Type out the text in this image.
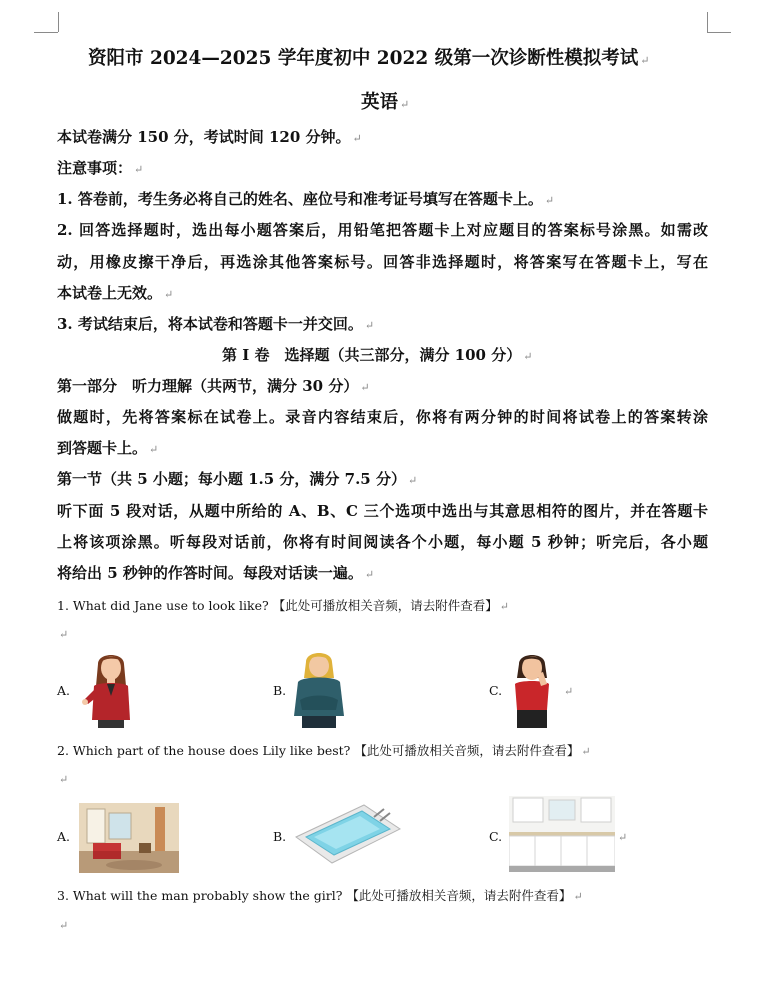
资阳市 2024—2025 学年度初中 2022 级第一次诊断性模拟考试 ↵
英语 ↵
本试卷满分 150 分，考试时间 120 分钟。 ↵
注意事项： ↵
1. 答卷前，考生务必将自己的姓名、座位号和准考证号填写在答题卡上。 ↵
2. 回答选择题时，选出每小题答案后，用铅笔把答题卡上对应题目的答案标号涂黑。如需改
动，用橡皮擦干净后，再选涂其他答案标号。回答非选择题时，将答案写在答题卡上，写在
本试卷上无效。 ↵
3. 考试结束后，将本试卷和答题卡一并交回。 ↵
第 I 卷　选择题（共三部分，满分 100 分） ↵
第一部分　听力理解（共两节，满分 30 分） ↵
做题时，先将答案标在试卷上。录音内容结束后，你将有两分钟的时间将试卷上的答案转涂
到答题卡上。 ↵
第一节（共 5 小题；每小题 1.5 分，满分 7.5 分） ↵
听下面 5 段对话，从题中所给的 A、B、C 三个选项中选出与其意思相符的图片，并在答题卡
上将该项涂黑。听每段对话前，你将有时间阅读各个小题，每小题 5 秒钟；听完后，各小题
将给出 5 秒钟的作答时间。每段对话读一遍。 ↵
1. What did Jane use to look like? 【此处可播放相关音频，请去附件查看】 ↵
↵
A.	B.	C.	↵
2. Which part of the house does Lily like best? 【此处可播放相关音频，请去附件查看】 ↵
↵
A.	B.	C.	↵
3. What will the man probably show the girl? 【此处可播放相关音频，请去附件查看】 ↵
↵
